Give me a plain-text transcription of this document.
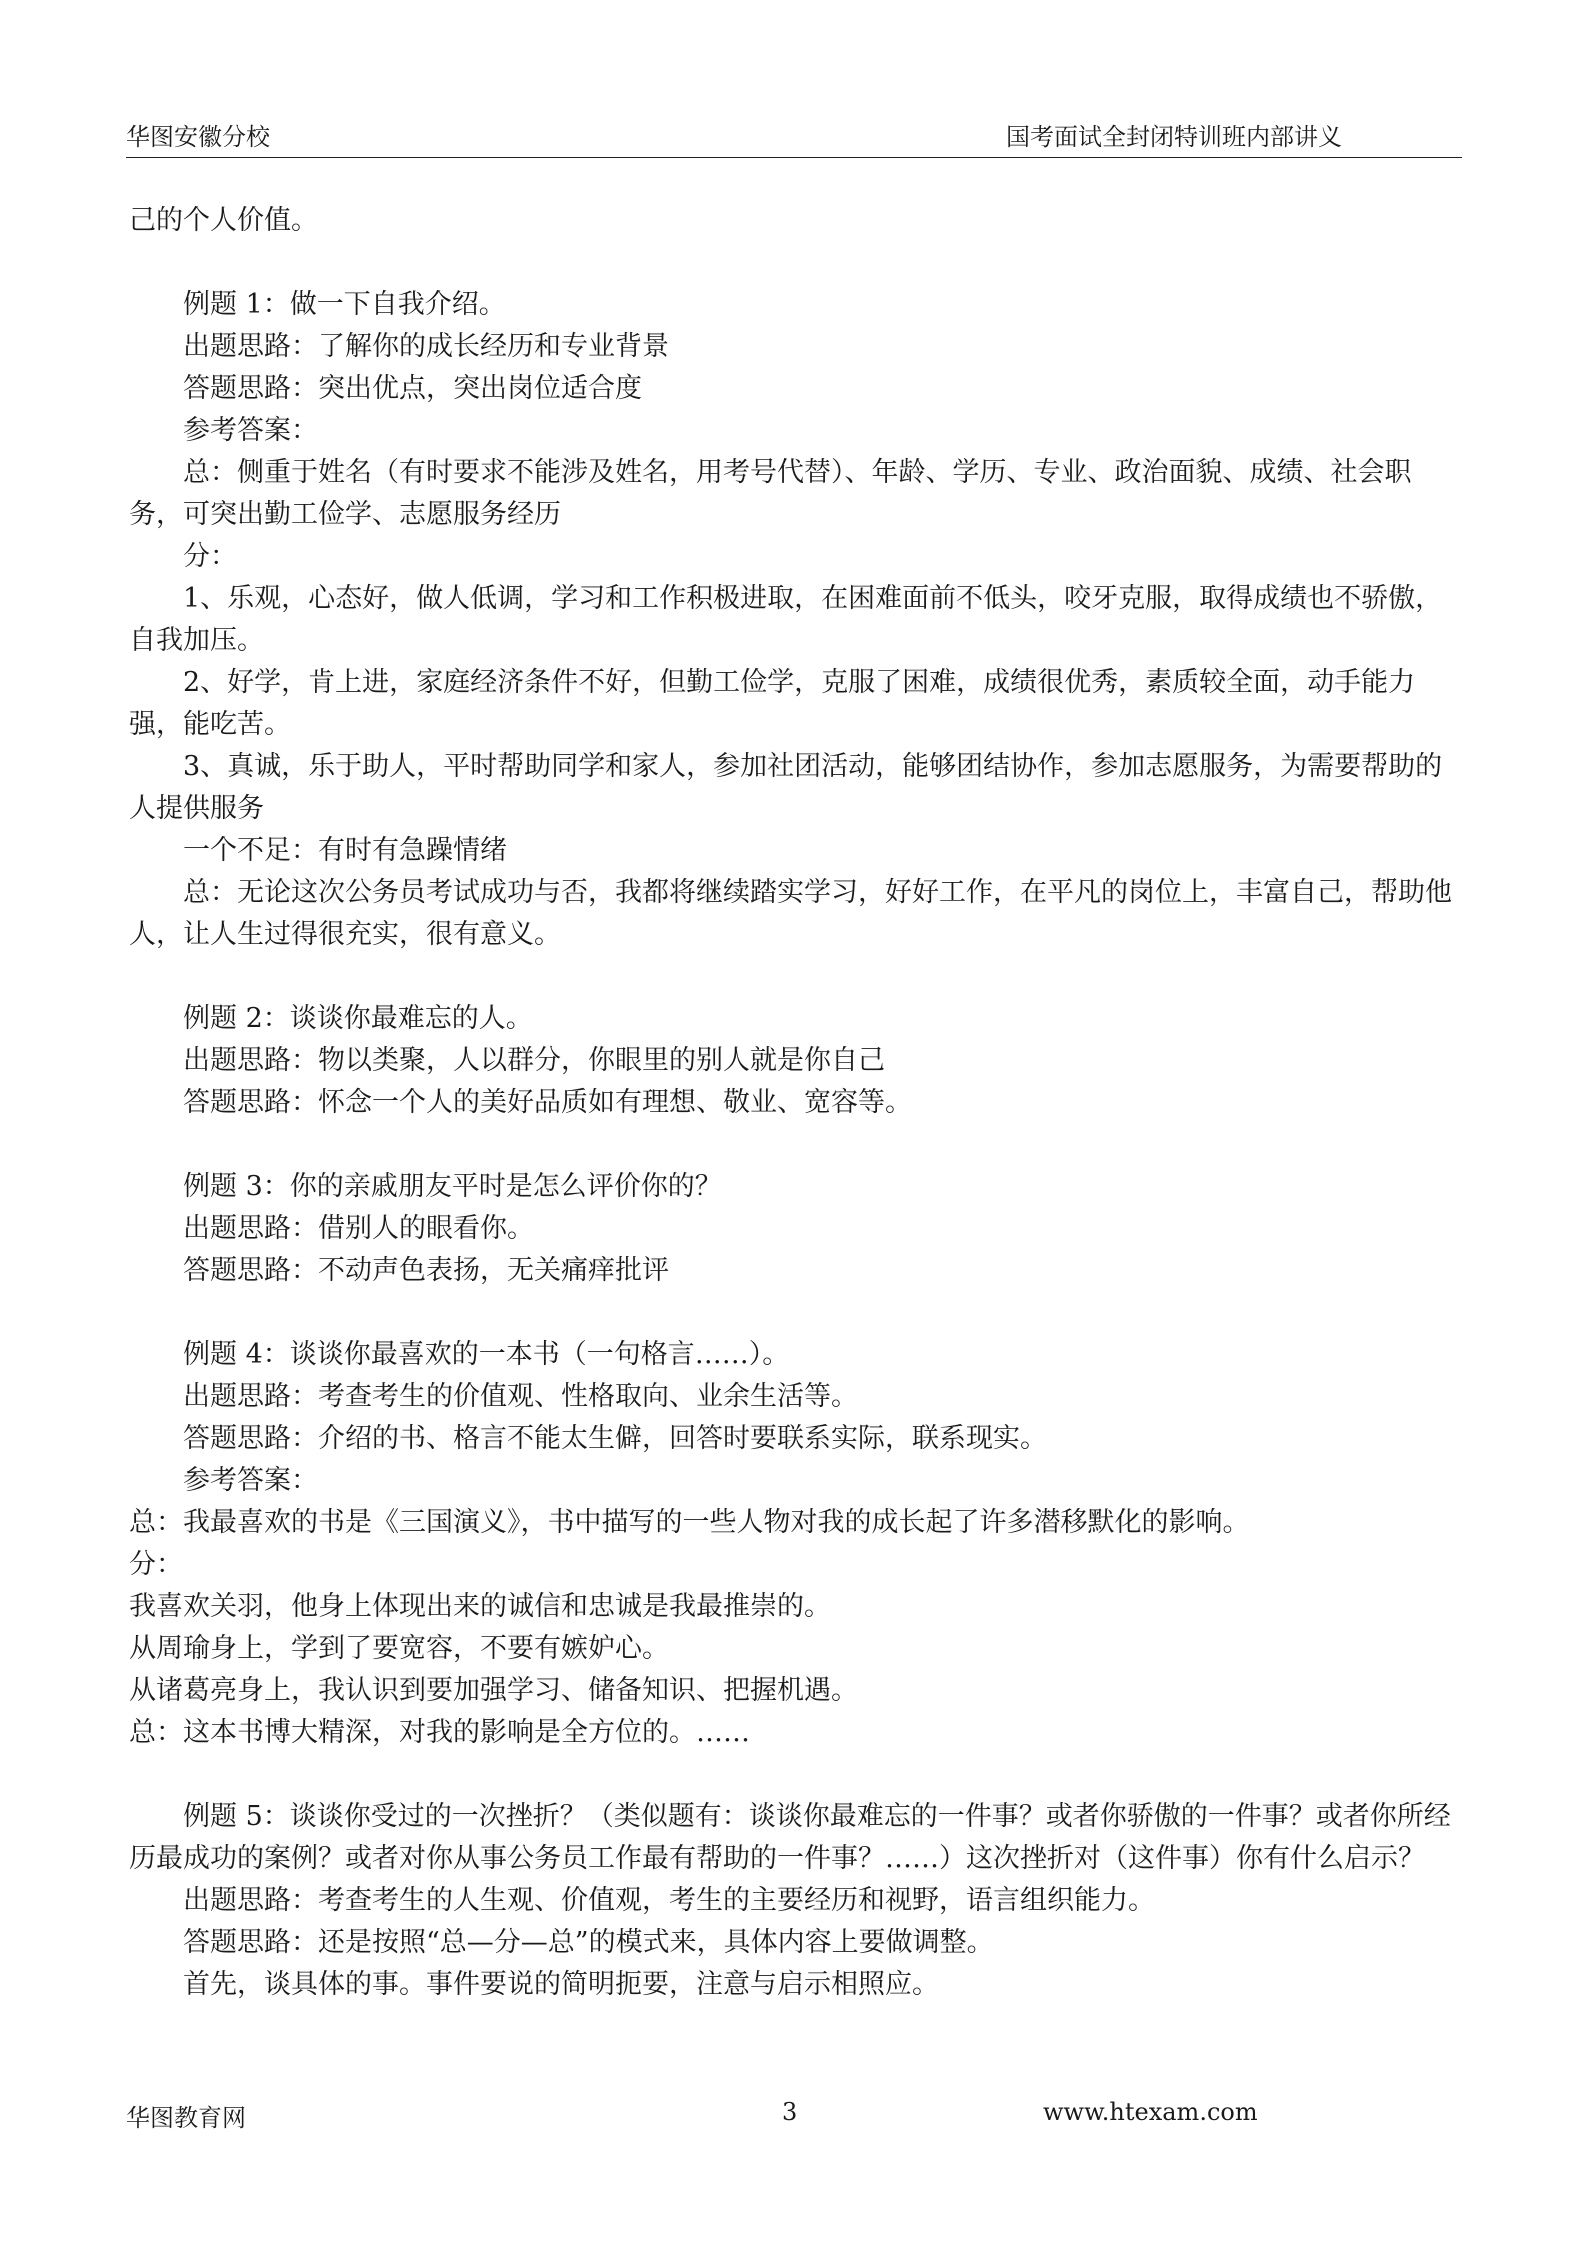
华图安徽分校	国考面试全封闭特训班内部讲义

己的个人价值。

例题 1：做一下自我介绍。

出题思路：了解你的成长经历和专业背景

答题思路：突出优点，突出岗位适合度

参考答案：

总：侧重于姓名（有时要求不能涉及姓名，用考号代替）、年龄、学历、专业、政治面貌、成绩、社会职务，可突出勤工俭学、志愿服务经历

分：

1、乐观，心态好，做人低调，学习和工作积极进取，在困难面前不低头，咬牙克服，取得成绩也不骄傲，自我加压。

2、好学，肯上进，家庭经济条件不好，但勤工俭学，克服了困难，成绩很优秀，素质较全面，动手能力强，能吃苦。

3、真诚，乐于助人，平时帮助同学和家人，参加社团活动，能够团结协作，参加志愿服务，为需要帮助的人提供服务

一个不足：有时有急躁情绪

总：无论这次公务员考试成功与否，我都将继续踏实学习，好好工作，在平凡的岗位上，丰富自己，帮助他人，让人生过得很充实，很有意义。

例题 2：谈谈你最难忘的人。

出题思路：物以类聚，人以群分，你眼里的别人就是你自己

答题思路：怀念一个人的美好品质如有理想、敬业、宽容等。

例题 3：你的亲戚朋友平时是怎么评价你的？

出题思路：借别人的眼看你。

答题思路：不动声色表扬，无关痛痒批评

例题 4：谈谈你最喜欢的一本书（一句格言……）。

出题思路：考查考生的价值观、性格取向、业余生活等。

答题思路：介绍的书、格言不能太生僻，回答时要联系实际，联系现实。

参考答案：

总：我最喜欢的书是《三国演义》，书中描写的一些人物对我的成长起了许多潜移默化的影响。

分：

我喜欢关羽，他身上体现出来的诚信和忠诚是我最推崇的。

从周瑜身上，学到了要宽容，不要有嫉妒心。

从诸葛亮身上，我认识到要加强学习、储备知识、把握机遇。

总：这本书博大精深，对我的影响是全方位的。……

例题 5：谈谈你受过的一次挫折？（类似题有：谈谈你最难忘的一件事？或者你骄傲的一件事？或者你所经历最成功的案例？或者对你从事公务员工作最有帮助的一件事？……）这次挫折对（这件事）你有什么启示？

出题思路：考查考生的人生观、价值观，考生的主要经历和视野，语言组织能力。

答题思路：还是按照“总—分—总”的模式来，具体内容上要做调整。

首先，谈具体的事。事件要说的简明扼要，注意与启示相照应。

华图教育网	3	www.htexam.com
